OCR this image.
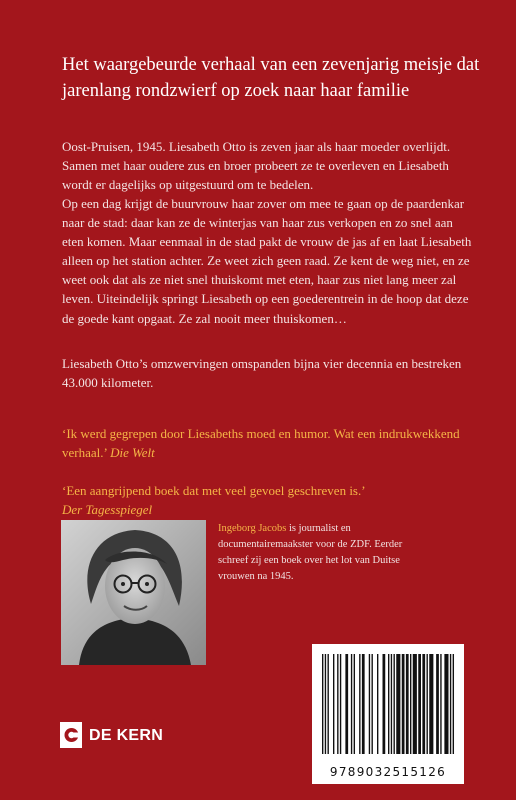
Het waargebeurde verhaal van een zevenjarig meisje dat jarenlang rondzwierf op zoek naar haar familie

Oost-Pruisen, 1945. Liesabeth Otto is zeven jaar als haar moeder overlijdt. Samen met haar oudere zus en broer probeert ze te overleven en Liesabeth wordt er dagelijks op uitgestuurd om te bedelen.

Op een dag krijgt de buurvrouw haar zover om mee te gaan op de paardenkar naar de stad: daar kan ze de winterjas van haar zus verkopen en zo snel aan eten komen. Maar eenmaal in de stad pakt de vrouw de jas af en laat Liesabeth alleen op het station achter. Ze weet zich geen raad. Ze kent de weg niet, en ze weet ook dat als ze niet snel thuiskomt met eten, haar zus niet lang meer zal leven. Uiteindelijk springt Liesabeth op een goederentrein in de hoop dat deze de goede kant opgaat. Ze zal nooit meer thuiskomen…

Liesabeth Otto’s omzwervingen omspanden bijna vier decennia en bestreken 43.000 kilometer.

‘Ik werd gegrepen door Liesabeths moed en humor. Wat een indrukwekkend verhaal.’ Die Welt

‘Een aangrijpend boek dat met veel gevoel geschreven is.’
Der Tagesspiegel

Ingeborg Jacobs is journalist en documentairemaakster voor de ZDF. Eerder schreef zij een boek over het lot van Duitse vrouwen na 1945.

9789032515126
DE KERN
